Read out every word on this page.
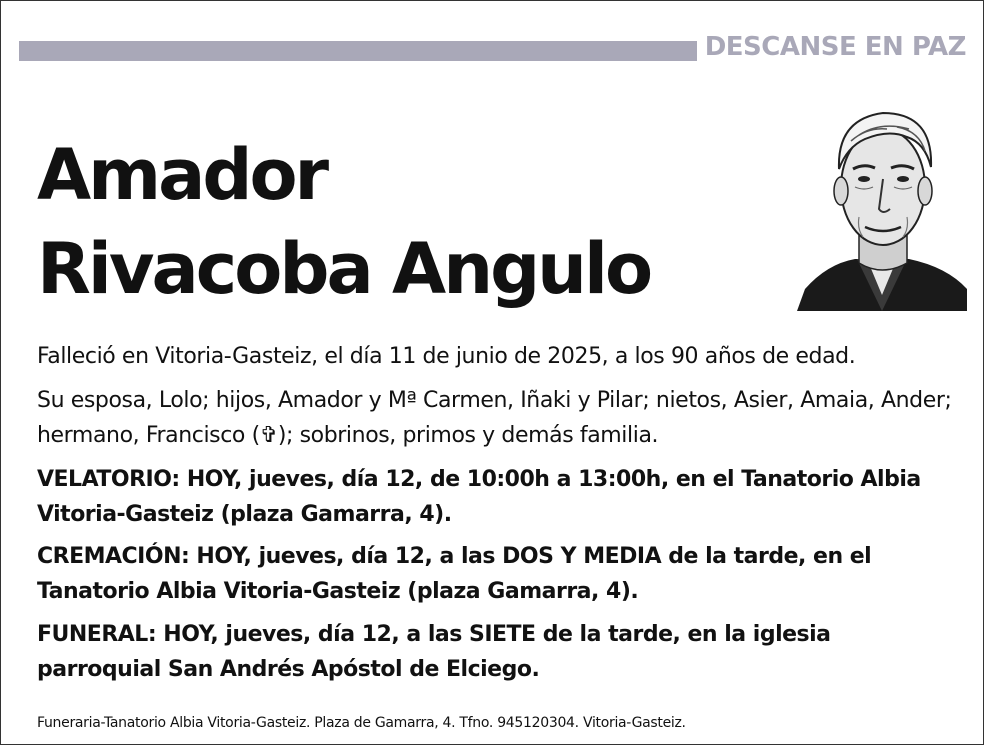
DESCANSE EN PAZ
Amador
Rivacoba Angulo

Falleció en Vitoria-Gasteiz, el día 11 de junio de 2025, a los 90 años de edad.

Su esposa, Lolo; hijos, Amador y Mª Carmen, Iñaki y Pilar; nietos, Asier, Amaia, Ander; hermano, Francisco (✞); sobrinos, primos y demás familia.

VELATORIO: HOY, jueves, día 12, de 10:00h a 13:00h, en el Tanatorio Albia Vitoria-Gasteiz (plaza Gamarra, 4).

CREMACIÓN: HOY, jueves, día 12, a las DOS Y MEDIA de la tarde, en el Tanatorio Albia Vitoria-Gasteiz (plaza Gamarra, 4).

FUNERAL: HOY, jueves, día 12, a las SIETE de la tarde, en la iglesia parroquial San Andrés Apóstol de Elciego.

Funeraria-Tanatorio Albia Vitoria-Gasteiz. Plaza de Gamarra, 4. Tfno. 945120304. Vitoria-Gasteiz.
